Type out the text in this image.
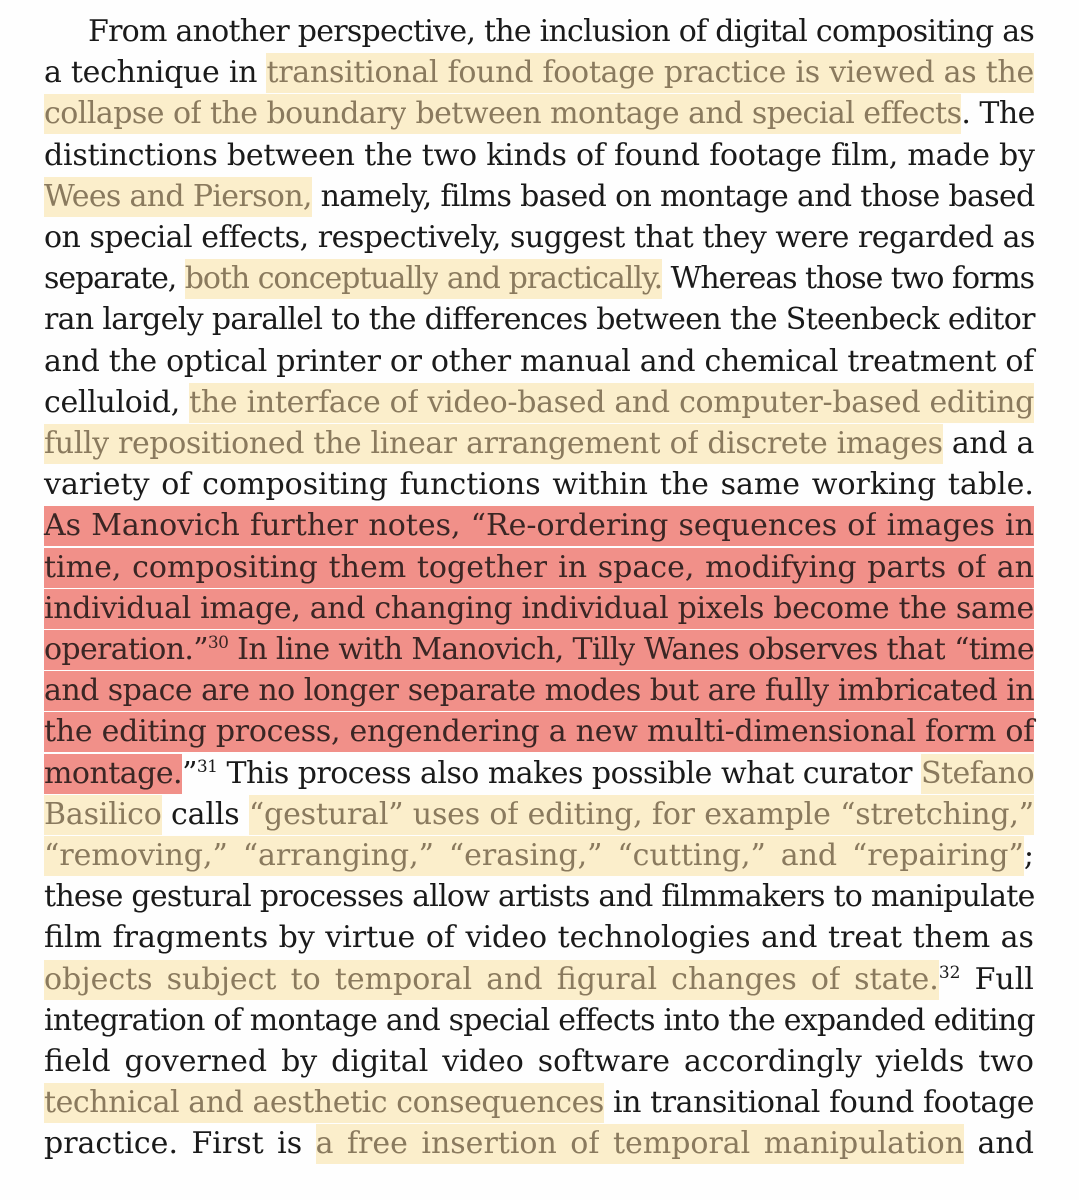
From
another
perspective,
the
inclusion
of
digital
compositing
as
a
technique
in
transitional
found
footage
practice
is
viewed
as
the
collapse
of
the
boundary
between
montage
and
special
effects .
The
distinctions
between
the
two
kinds
of
found
footage
film,
made
by
Wees
and
Pierson,
namely,
films
based
on
montage
and
those
based
on
special
effects,
respectively,
suggest
that
they
were
regarded
as
separate,
both
conceptually
and
practically.
Whereas
those
two
forms
ran
largely
parallel
to
the
differences
between
the
Steenbeck
editor
and
the
optical
printer
or
other
manual
and
chemical
treatment
of
celluloid,
the
interface
of
video-based
and
computer-based
editing
fully
repositioned
the
linear
arrangement
of
discrete
images
and
a
variety
of
compositing
functions
within
the
same
working
table.
As
Manovich
further
notes,
“Re-ordering
sequences
of
images
in
time,
compositing
them
together
in
space,
modifying
parts
of
an
individual
image,
and
changing
individual
pixels
become
the
same
operation.” $^{30}$
In
line
with
Manovich,
Tilly
Wanes
observes
that
“time
and
space
are
no
longer
separate
modes
but
are
fully
imbricated
in
the
editing
process,
engendering
a
new
multi-dimensional
form
of
montage. ” $^{31}$
This
process
also
makes
possible
what
curator
Stefano
Basilico
calls
“gestural”
uses
of
editing,
for
example
“stretching,”
“removing,”
“arranging,”
“erasing,”
“cutting,”
and
“repairing” ;
these
gestural
processes
allow
artists
and
filmmakers
to
manipulate
film
fragments
by
virtue
of
video
technologies
and
treat
them
as
objects
subject
to
temporal
and
figural
changes
of
state. $^{32}$
Full
integration
of
montage
and
special
effects
into
the
expanded
editing
field
governed
by
digital
video
software
accordingly
yields
two
technical
and
aesthetic
consequences
in
transitional
found
footage
practice.
First
is
a
free
insertion
of
temporal
manipulation
and
